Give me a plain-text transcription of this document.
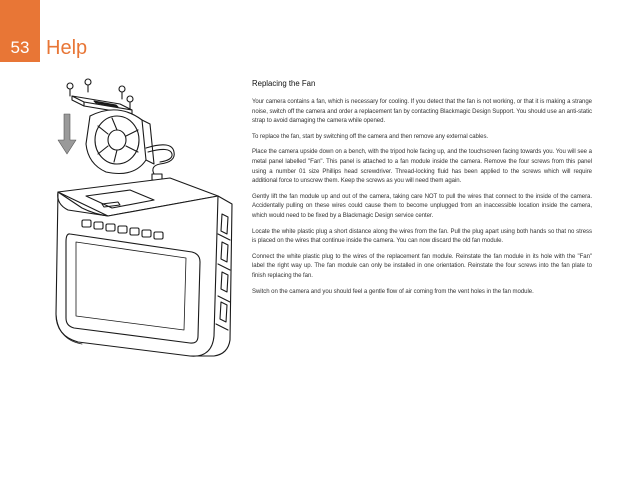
53 Help
Replacing the Fan

Your camera contains a fan, which is necessary for cooling. If you detect that the fan is not working, or that it is making a strange noise, switch off the camera and order a replacement fan by contacting Blackmagic Design Support. You should use an anti-static strap to avoid damaging the camera while opened.

To replace the fan, start by switching off the camera and then remove any external cables.

Place the camera upside down on a bench, with the tripod hole facing up, and the touchscreen facing towards you. You will see a metal panel labelled "Fan". This panel is attached to a fan module inside the camera. Remove the four screws from this panel using a number 01 size Phillips head screwdriver. Thread-locking fluid has been applied to the screws which will require additional force to unscrew them. Keep the screws as you will need them again.

Gently lift the fan module up and out of the camera, taking care NOT to pull the wires that connect to the inside of the camera. Accidentally pulling on these wires could cause them to become unplugged from an inaccessible location inside the camera, which would need to be fixed by a Blackmagic Design service center.

Locate the white plastic plug a short distance along the wires from the fan. Pull the plug apart using both hands so that no stress is placed on the wires that continue inside the camera. You can now discard the old fan module.

Connect the white plastic plug to the wires of the replacement fan module. Reinstate the fan module in its hole with the "Fan" label the right way up. The fan module can only be installed in one orientation. Reinstate the four screws into the fan plate to finish replacing the fan.

Switch on the camera and you should feel a gentle flow of air coming from the vent holes in the fan module.
